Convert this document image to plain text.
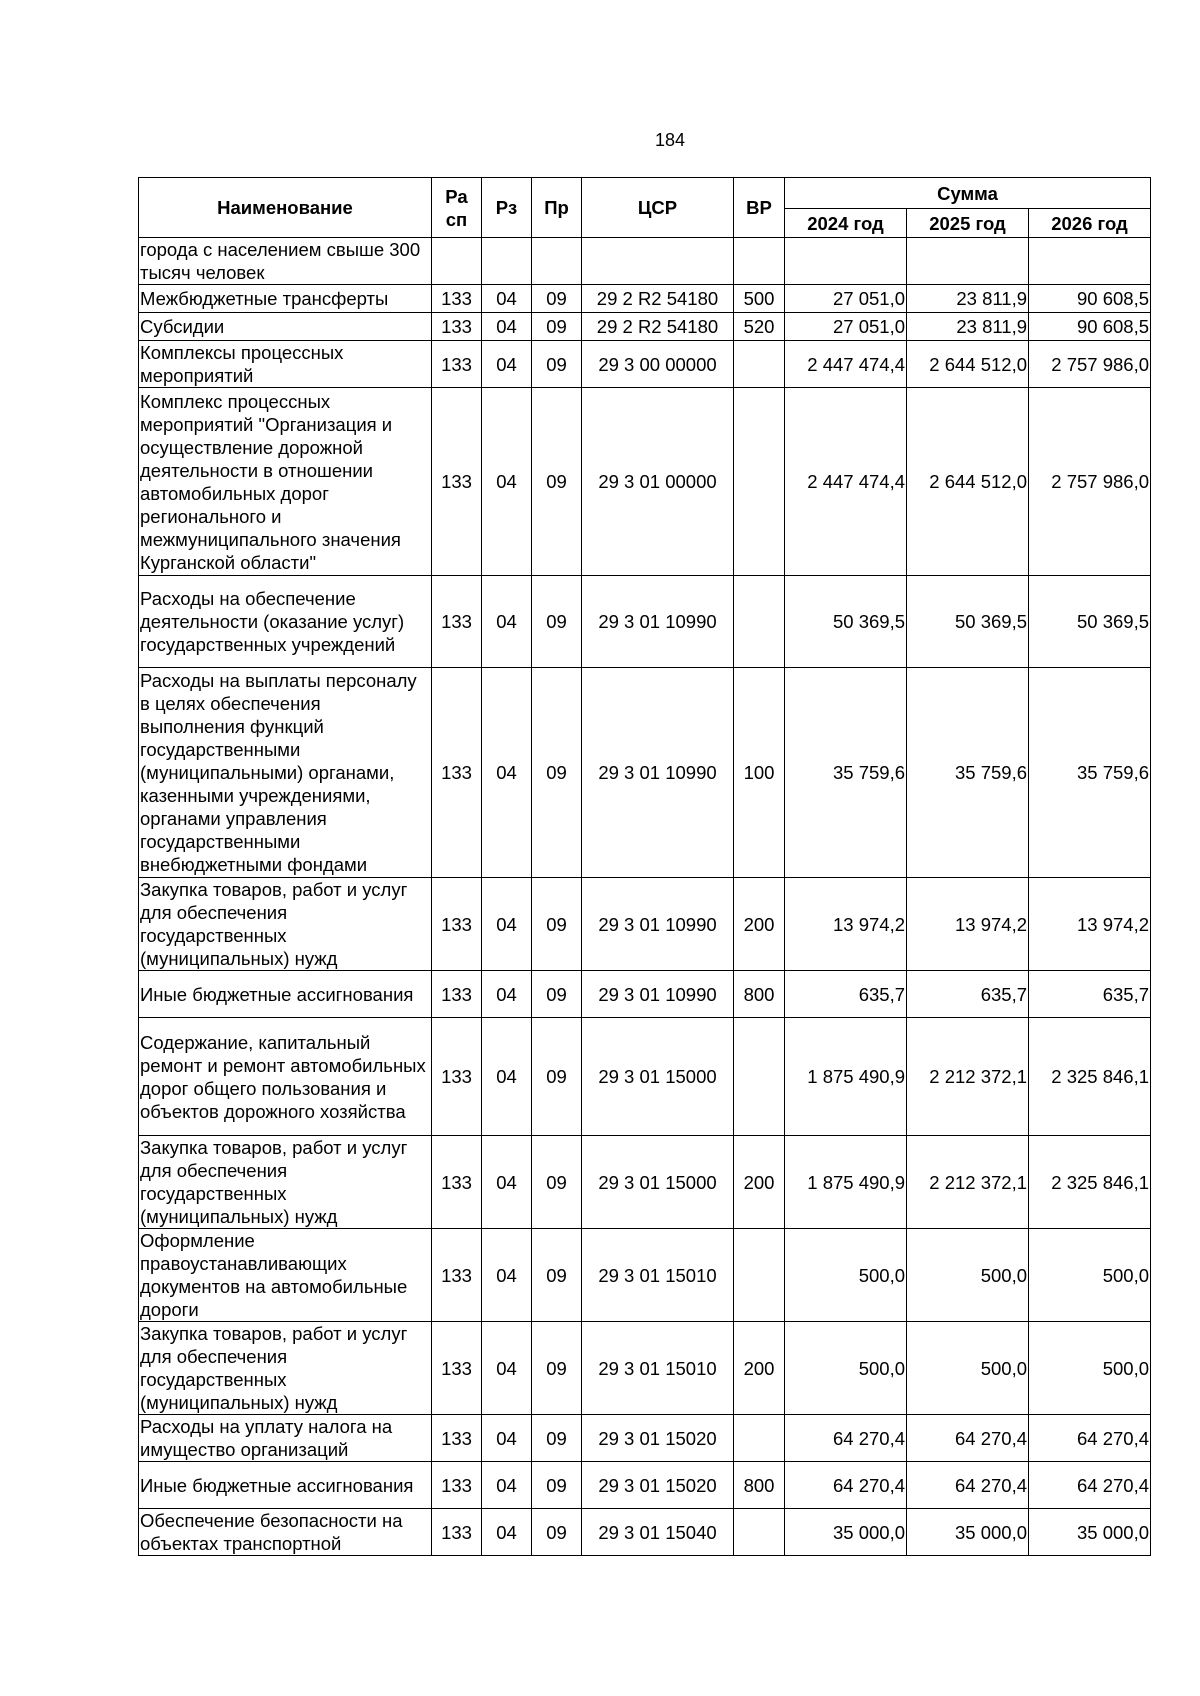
184
Наименование	Ра сп	Рз	Пр	ЦСР	ВР	Сумма		
						2024 год	2025 год	2026 год
города с населением свыше 300 тысяч человек								
Межбюджетные трансферты	133	04	09	29 2 R2 54180	500	27 051,0	23 811,9	90 608,5
Субсидии	133	04	09	29 2 R2 54180	520	27 051,0	23 811,9	90 608,5
Комплексы процессных мероприятий	133	04	09	29 3 00 00000		2 447 474,4	2 644 512,0	2 757 986,0
Комплекс процессных мероприятий "Организация и осуществление дорожной деятельности в отношении автомобильных дорог регионального и межмуниципального значения Курганской области"	133	04	09	29 3 01 00000		2 447 474,4	2 644 512,0	2 757 986,0
Расходы на обеспечение деятельности (оказание услуг) государственных учреждений	133	04	09	29 3 01 10990		50 369,5	50 369,5	50 369,5
Расходы на выплаты персоналу в целях обеспечения выполнения функций государственными (муниципальными) органами, казенными учреждениями, органами управления государственными внебюджетными фондами	133	04	09	29 3 01 10990	100	35 759,6	35 759,6	35 759,6
Закупка товаров, работ и услуг для обеспечения государственных (муниципальных) нужд	133	04	09	29 3 01 10990	200	13 974,2	13 974,2	13 974,2
Иные бюджетные ассигнования	133	04	09	29 3 01 10990	800	635,7	635,7	635,7
Содержание, капитальный ремонт и ремонт автомобильных дорог общего пользования и объектов дорожного хозяйства	133	04	09	29 3 01 15000		1 875 490,9	2 212 372,1	2 325 846,1
Закупка товаров, работ и услуг для обеспечения государственных (муниципальных) нужд	133	04	09	29 3 01 15000	200	1 875 490,9	2 212 372,1	2 325 846,1
Оформление правоустанавливающих документов на автомобильные дороги	133	04	09	29 3 01 15010		500,0	500,0	500,0
Закупка товаров, работ и услуг для обеспечения государственных (муниципальных) нужд	133	04	09	29 3 01 15010	200	500,0	500,0	500,0
Расходы на уплату налога на имущество организаций	133	04	09	29 3 01 15020		64 270,4	64 270,4	64 270,4
Иные бюджетные ассигнования	133	04	09	29 3 01 15020	800	64 270,4	64 270,4	64 270,4
Обеспечение безопасности на объектах транспортной	133	04	09	29 3 01 15040		35 000,0	35 000,0	35 000,0
